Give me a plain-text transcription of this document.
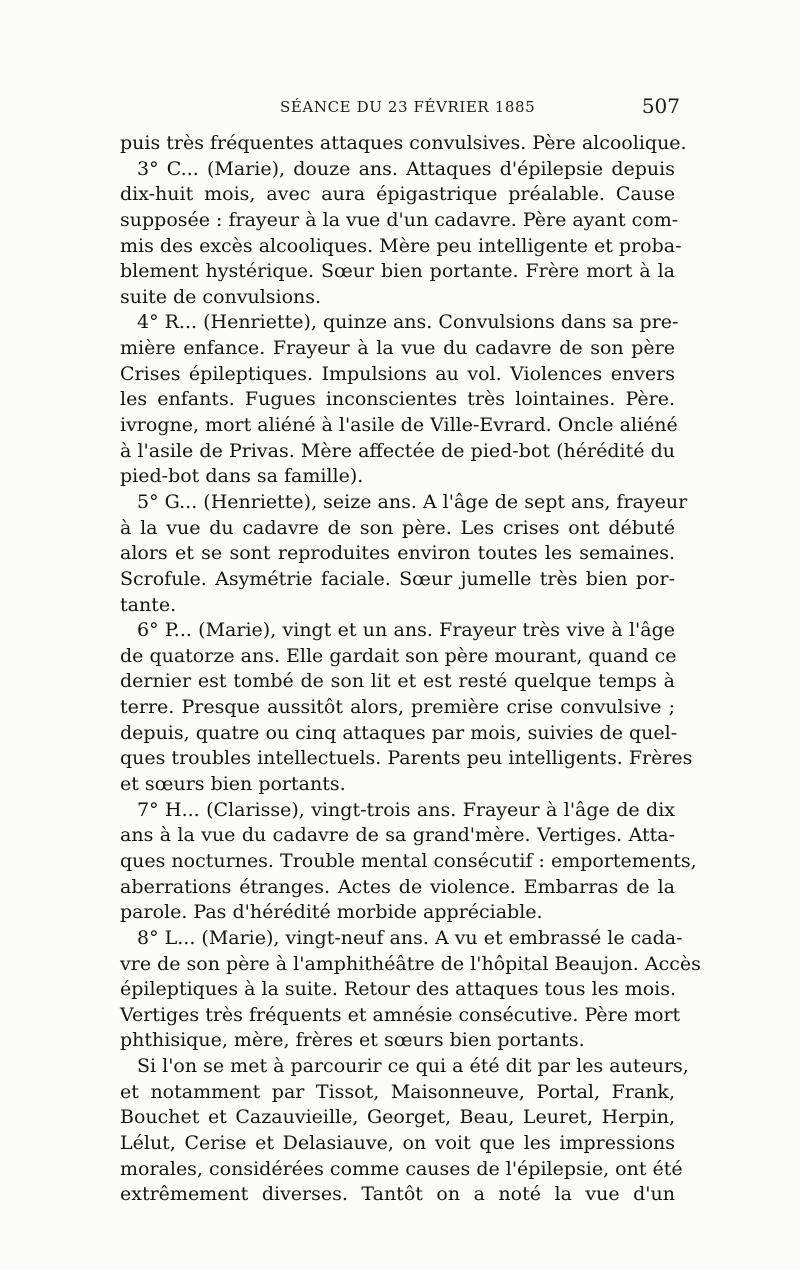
SÉANCE DU 23 FÉVRIER 1885	507
puis très fréquentes attaques convulsives. Père alcoolique.
3° C... (Marie), douze ans. Attaques d'épilepsie depuis
dix-huit mois, avec aura épigastrique préalable. Cause
supposée : frayeur à la vue d'un cadavre. Père ayant com-
mis des excès alcooliques. Mère peu intelligente et proba-
blement hystérique. Sœur bien portante. Frère mort à la
suite de convulsions.
4° R... (Henriette), quinze ans. Convulsions dans sa pre-
mière enfance. Frayeur à la vue du cadavre de son père
Crises épileptiques. Impulsions au vol. Violences envers
les enfants. Fugues inconscientes très lointaines. Père.
ivrogne, mort aliéné à l'asile de Ville-Evrard. Oncle aliéné
à l'asile de Privas. Mère affectée de pied-bot (hérédité du
pied-bot dans sa famille).
5° G... (Henriette), seize ans. A l'âge de sept ans, frayeur
à la vue du cadavre de son père. Les crises ont débuté
alors et se sont reproduites environ toutes les semaines.
Scrofule. Asymétrie faciale. Sœur jumelle très bien por-
tante.
6° P... (Marie), vingt et un ans. Frayeur très vive à l'âge
de quatorze ans. Elle gardait son père mourant, quand ce
dernier est tombé de son lit et est resté quelque temps à
terre. Presque aussitôt alors, première crise convulsive ;
depuis, quatre ou cinq attaques par mois, suivies de quel-
ques troubles intellectuels. Parents peu intelligents. Frères
et sœurs bien portants.
7° H... (Clarisse), vingt-trois ans. Frayeur à l'âge de dix
ans à la vue du cadavre de sa grand'mère. Vertiges. Atta-
ques nocturnes. Trouble mental consécutif : emportements,
aberrations étranges. Actes de violence. Embarras de la
parole. Pas d'hérédité morbide appréciable.
8° L... (Marie), vingt-neuf ans. A vu et embrassé le cada-
vre de son père à l'amphithéâtre de l'hôpital Beaujon. Accès
épileptiques à la suite. Retour des attaques tous les mois.
Vertiges très fréquents et amnésie consécutive. Père mort
phthisique, mère, frères et sœurs bien portants.
Si l'on se met à parcourir ce qui a été dit par les auteurs,
et notamment par Tissot, Maisonneuve, Portal, Frank,
Bouchet et Cazauvieille, Georget, Beau, Leuret, Herpin,
Lélut, Cerise et Delasiauve, on voit que les impressions
morales, considérées comme causes de l'épilepsie, ont été
extrêmement diverses. Tantôt on a noté la vue d'un
